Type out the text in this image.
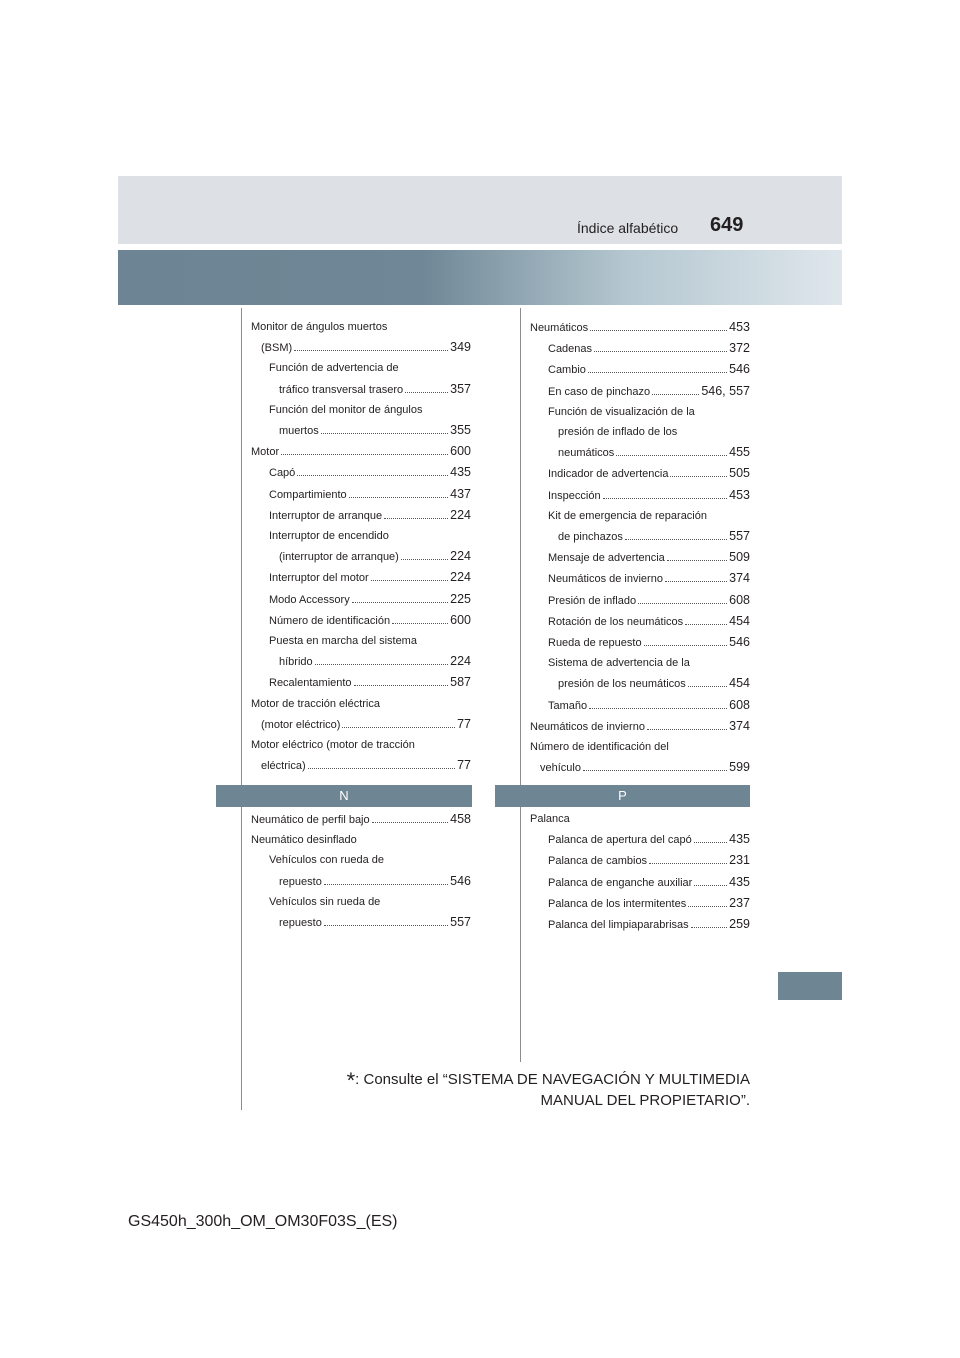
Índice alfabético 649
Monitor de ángulos muertos
(BSM)	349
Función de advertencia de
tráfico transversal trasero	357
Función del monitor de ángulos
muertos	355
Motor	600
Capó	435
Compartimiento	437
Interruptor de arranque	224
Interruptor de encendido
(interruptor de arranque)	224
Interruptor del motor	224
Modo Accessory	225
Número de identificación	600
Puesta en marcha del sistema
híbrido	224
Recalentamiento	587
Motor de tracción eléctrica
(motor eléctrico)	77
Motor eléctrico (motor de tracción
eléctrica)	77
Neumáticos	453
Cadenas	372
Cambio	546
En caso de pinchazo	546, 557
Función de visualización de la
presión de inflado de los
neumáticos	455
Indicador de advertencia	505
Inspección	453
Kit de emergencia de reparación
de pinchazos	557
Mensaje de advertencia	509
Neumáticos de invierno	374
Presión de inflado	608
Rotación de los neumáticos	454
Rueda de repuesto	546
Sistema de advertencia de la
presión de los neumáticos	454
Tamaño	608
Neumáticos de invierno	374
Número de identificación del
vehículo	599
N	P
Neumático de perfil bajo	458
Neumático desinflado
Vehículos con rueda de
repuesto	546
Vehículos sin rueda de
repuesto	557
Palanca
Palanca de apertura del capó	435
Palanca de cambios	231
Palanca de enganche auxiliar	435
Palanca de los intermitentes	237
Palanca del limpiaparabrisas	259
*: Consulte el “SISTEMA DE NAVEGACIÓN Y MULTIMEDIA
MANUAL DEL PROPIETARIO”.
GS450h_300h_OM_OM30F03S_(ES)
